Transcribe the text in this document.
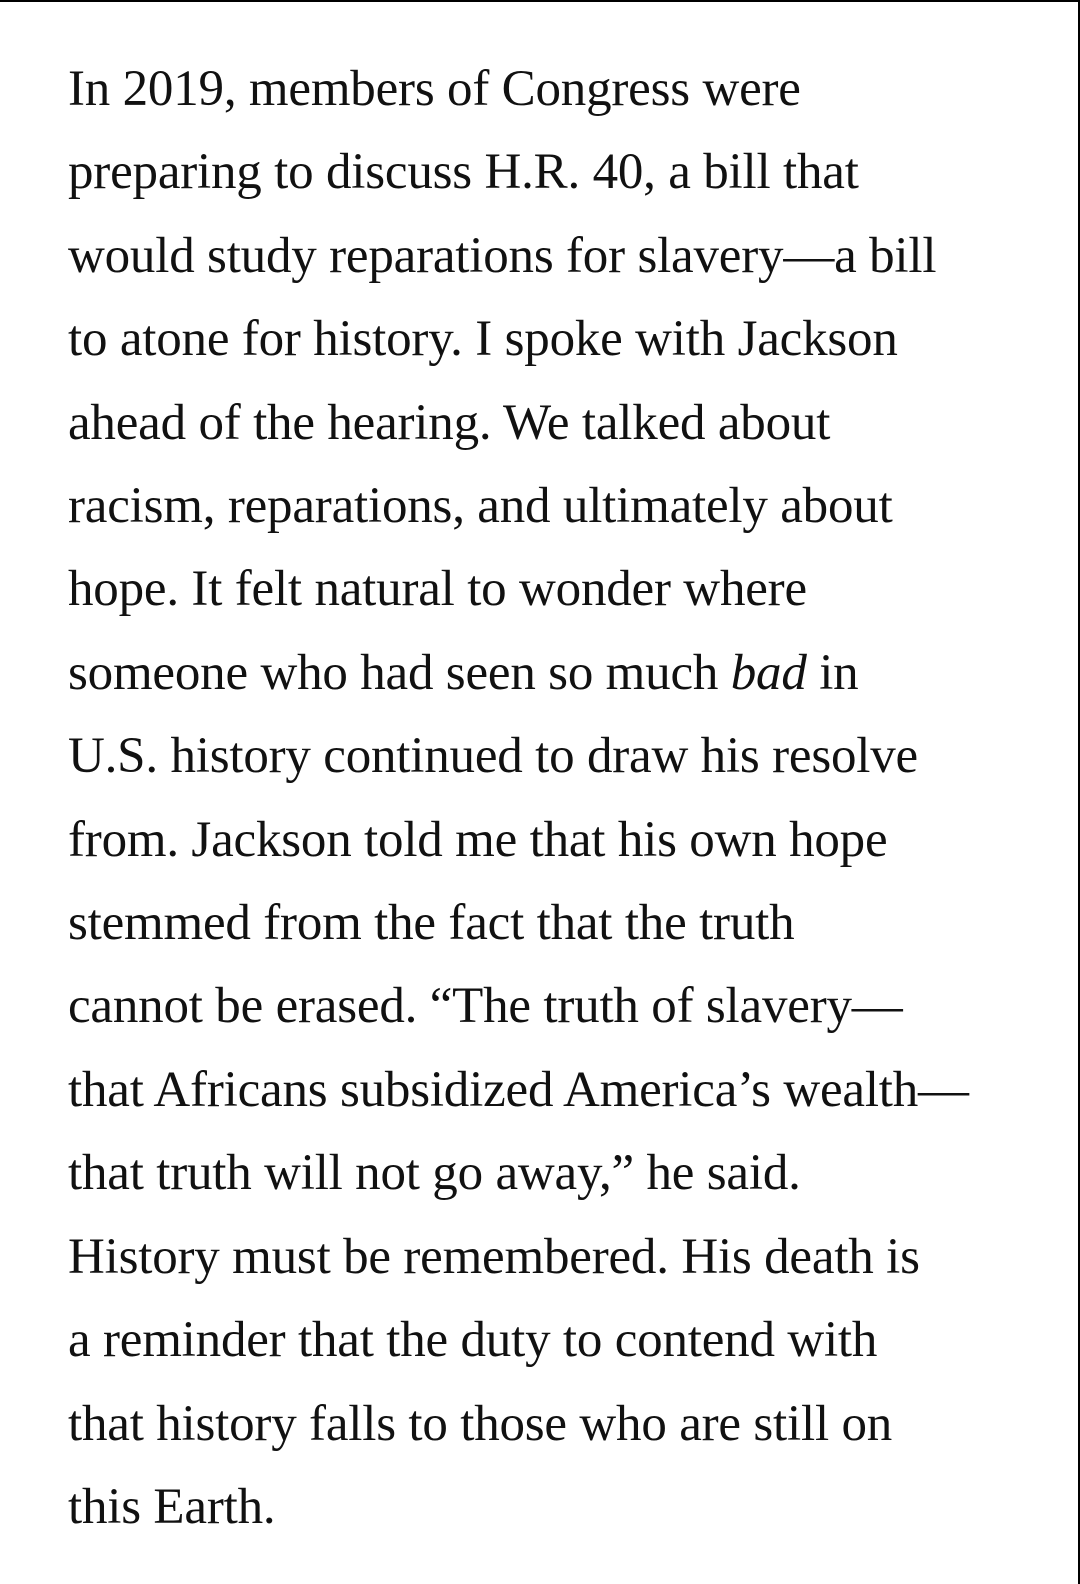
In 2019, members of Congress were
preparing to discuss H.R. 40, a bill that
would study reparations for slavery—a bill
to atone for history. I spoke with Jackson
ahead of the hearing. We talked about
racism, reparations, and ultimately about
hope. It felt natural to wonder where
someone who had seen so much bad in
U.S. history continued to draw his resolve
from. Jackson told me that his own hope
stemmed from the fact that the truth
cannot be erased. “The truth of slavery—
that Africans subsidized America’s wealth—
that truth will not go away,” he said.
History must be remembered. His death is
a reminder that the duty to contend with
that history falls to those who are still on
this Earth.
